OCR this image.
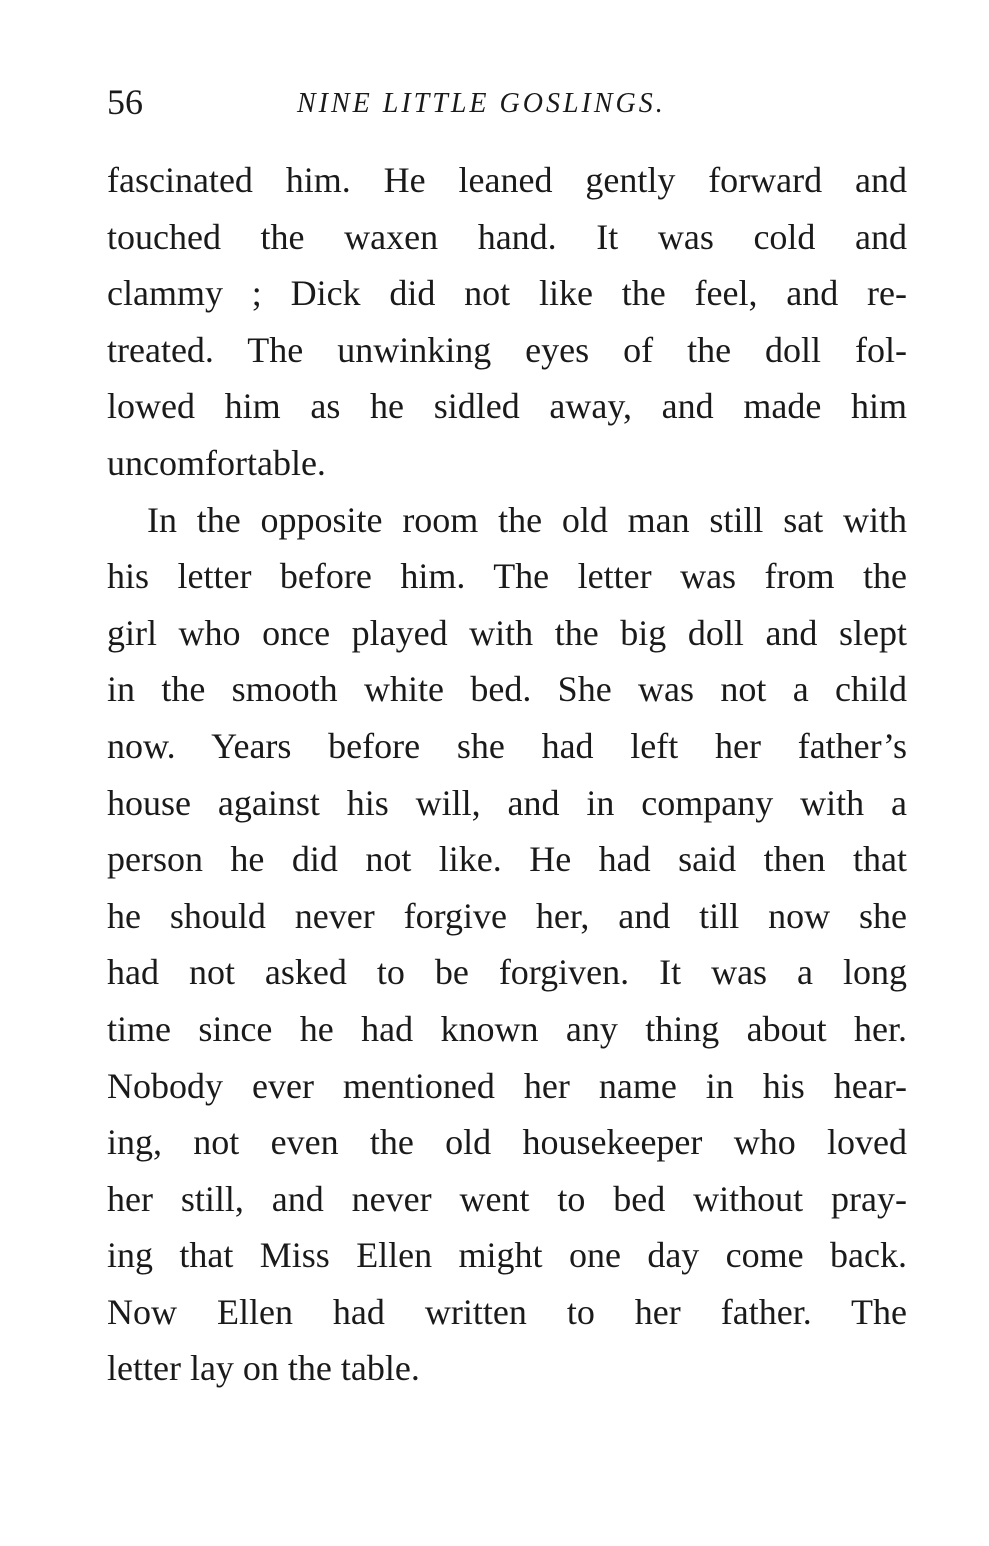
56	NINE LITTLE GOSLINGS.
fascinated him. He leaned gently forward and
touched the waxen hand. It was cold and
clammy ; Dick did not like the feel, and re-
treated. The unwinking eyes of the doll fol-
lowed him as he sidled away, and made him
uncomfortable.
In the opposite room the old man still sat with
his letter before him. The letter was from the
girl who once played with the big doll and slept
in the smooth white bed. She was not a child
now. Years before she had left her father’s
house against his will, and in company with a
person he did not like. He had said then that
he should never forgive her, and till now she
had not asked to be forgiven. It was a long
time since he had known any thing about her.
Nobody ever mentioned her name in his hear-
ing, not even the old housekeeper who loved
her still, and never went to bed without pray-
ing that Miss Ellen might one day come back.
Now Ellen had written to her father. The
letter lay on the table.
